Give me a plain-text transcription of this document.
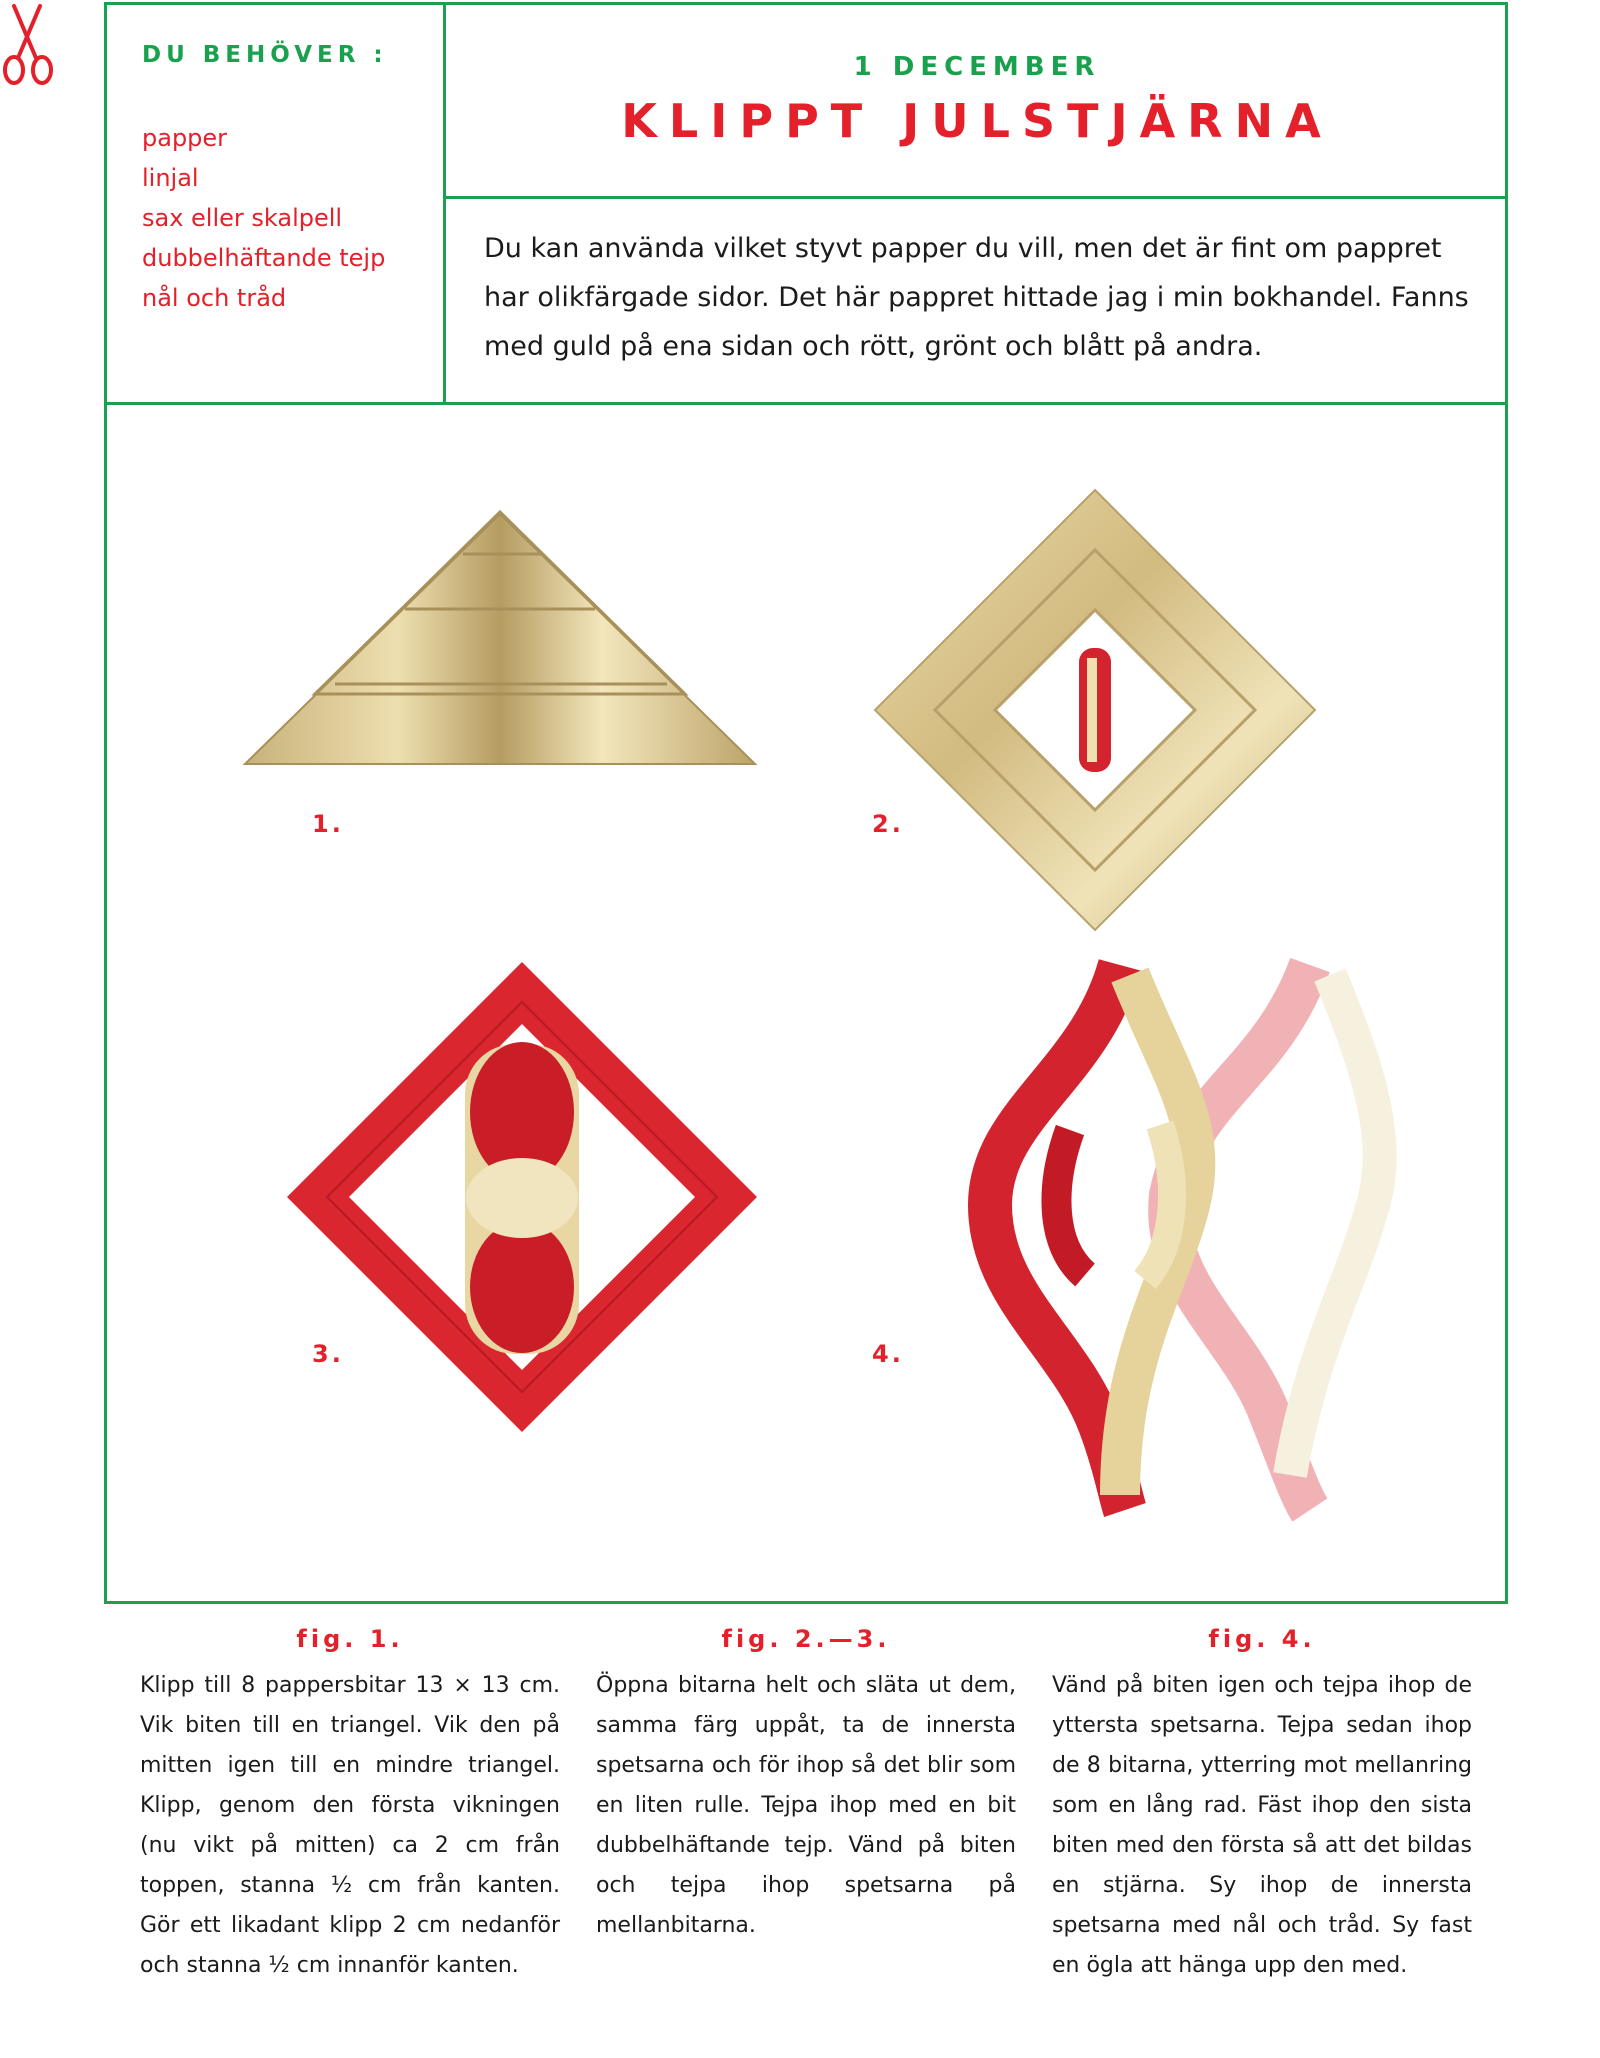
DU BEHÖVER :
papper
linjal
sax eller skalpell
dubbelhäftande tejp
nål och tråd
1 DECEMBER
KLIPPT JULSTJÄRNA
Du kan använda vilket styvt papper du vill, men det är fint om pappret har olikfärgade sidor. Det här pappret hittade jag i min bokhandel. Fanns med guld på ena sidan och rött, grönt och blått på andra.
1.	2.
3.	4.
fig. 1.
Klipp till 8 pappersbitar 13 × 13 cm. Vik biten till en triangel. Vik den på mitten igen till en mindre triangel. Klipp, genom den första vikningen (nu vikt på mitten) ca 2 cm från toppen, stanna ½ cm från kanten. Gör ett likadant klipp 2 cm nedanför och stanna ½ cm innanför kanten.
fig. 2.—3.
Öppna bitarna helt och släta ut dem, samma färg uppåt, ta de innersta spetsarna och för ihop så det blir som en liten rulle. Tejpa ihop med en bit dubbelhäftande tejp. Vänd på biten och tejpa ihop spetsarna på mellanbitarna.
fig. 4.
Vänd på biten igen och tejpa ihop de yttersta spetsarna. Tejpa sedan ihop de 8 bitarna, ytterring mot mellanring som en lång rad. Fäst ihop den sista biten med den första så att det bildas en stjärna. Sy ihop de innersta spetsarna med nål och tråd. Sy fast en ögla att hänga upp den med.
